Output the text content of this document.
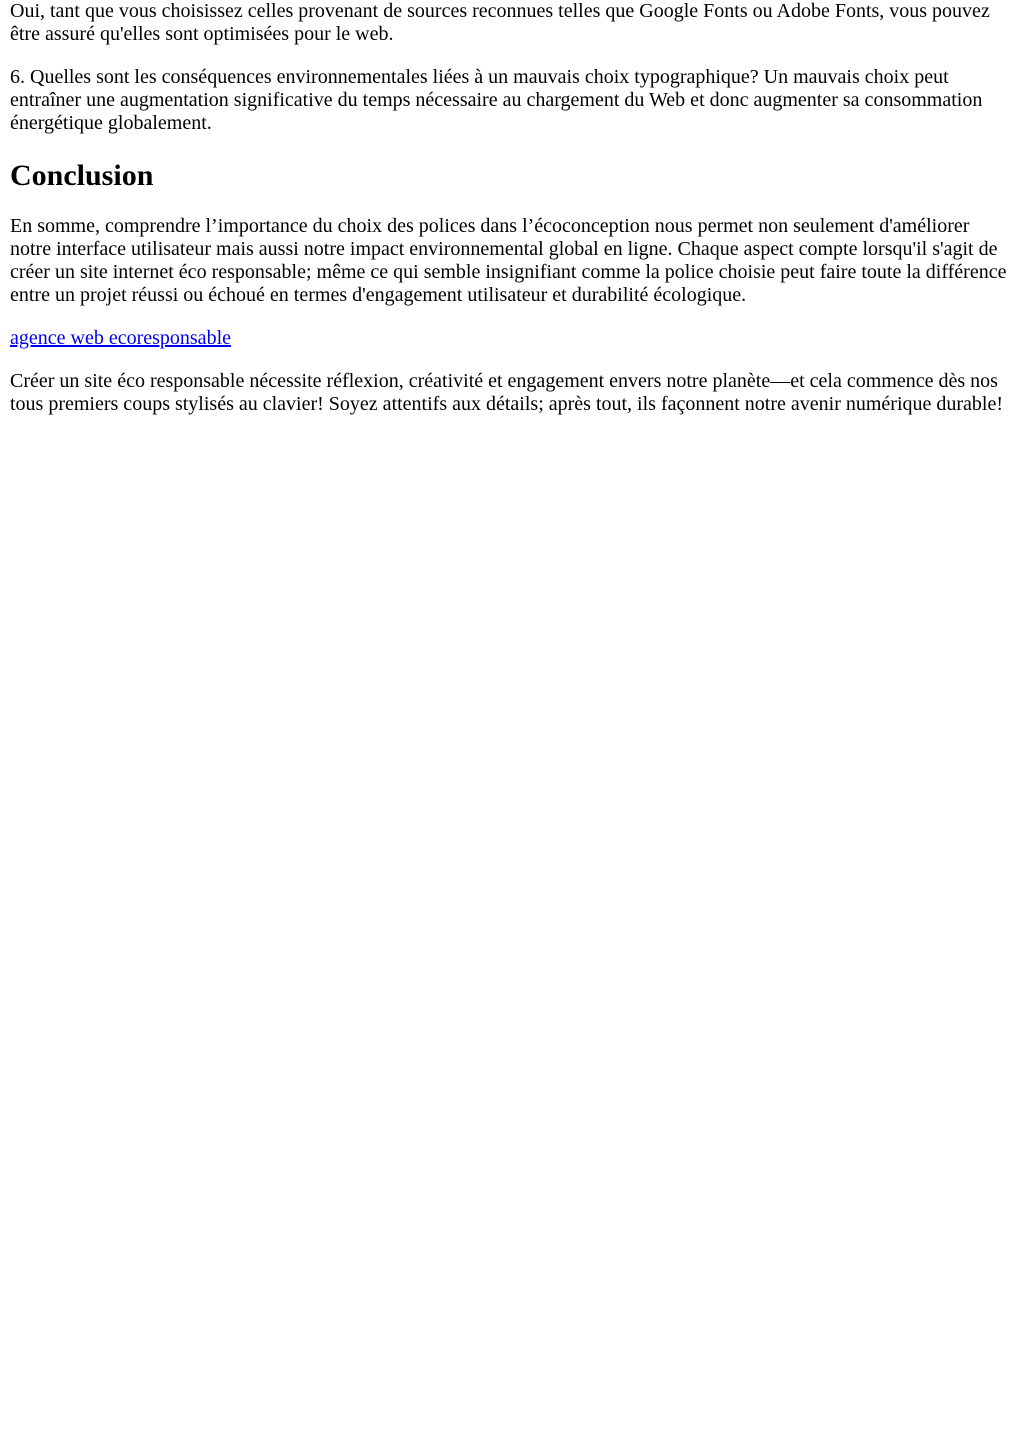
Oui, tant que vous choisissez celles provenant de sources reconnues telles que Google Fonts ou Adobe Fonts, vous pouvez être assuré qu'elles sont optimisées pour le web.

6. Quelles sont les conséquences environnementales liées à un mauvais choix typographique? Un mauvais choix peut entraîner une augmentation significative du temps nécessaire au chargement du Web et donc augmenter sa consommation énergétique globalement.

Conclusion

En somme, comprendre l’importance du choix des polices dans l’écoconception nous permet non seulement d'améliorer notre interface utilisateur mais aussi notre impact environnemental global en ligne. Chaque aspect compte lorsqu'il s'agit de créer un site internet éco responsable; même ce qui semble insignifiant comme la police choisie peut faire toute la différence entre un projet réussi ou échoué en termes d'engagement utilisateur et durabilité écologique.

agence web ecoresponsable

Créer un site éco responsable nécessite réflexion, créativité et engagement envers notre planète—et cela commence dès nos tous premiers coups stylisés au clavier! Soyez attentifs aux détails; après tout, ils façonnent notre avenir numérique durable!
